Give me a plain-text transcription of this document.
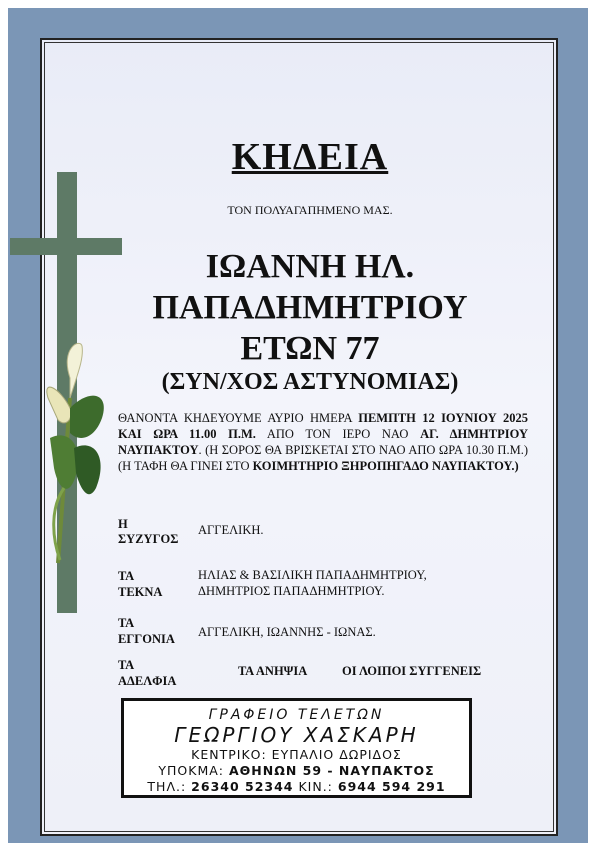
ΚΗΔΕΙΑ
ΤΟΝ ΠΟΛΥΑΓΑΠΗΜΕΝΟ ΜΑΣ.
ΙΩΑΝΝΗ ΗΛ.
ΠΑΠΑΔΗΜΗΤΡΙΟΥ
ΕΤΩΝ 77
(ΣΥΝ/ΧΟΣ ΑΣΤΥΝΟΜΙΑΣ)
ΘΑΝΟΝΤΑ ΚΗΔΕΥΟΥΜΕ ΑΥΡΙΟ ΗΜΕΡΑ ΠΕΜΠΤΗ 12 ΙΟΥΝΙΟΥ 2025 ΚΑΙ ΩΡΑ 11.00 Π.Μ. ΑΠΟ ΤΟΝ ΙΕΡΟ ΝΑΟ ΑΓ. ΔΗΜΗΤΡΙΟΥ ΝΑΥΠΑΚΤΟΥ. (Η ΣΟΡΟΣ ΘΑ ΒΡΙΣΚΕΤΑΙ ΣΤΟ ΝΑΟ ΑΠΟ ΩΡΑ 10.30 Π.Μ.) (Η ΤΑΦΗ ΘΑ ΓΙΝΕΙ ΣΤΟ ΚΟΙΜΗΤΗΡΙΟ ΞΗΡΟΠΗΓΑΔΟ ΝΑΥΠΑΚΤΟΥ.)
Η
ΣΥΖΥΓΟΣ
ΑΓΓΕΛΙΚΗ.
ΤΑ
ΤΕΚΝΑ
ΗΛΙΑΣ & ΒΑΣΙΛΙΚΗ ΠΑΠΑΔΗΜΗΤΡΙΟΥ,
ΔΗΜΗΤΡΙΟΣ ΠΑΠΑΔΗΜΗΤΡΙΟΥ.
ΤΑ
ΕΓΓΟΝΙΑ ΑΓΓΕΛΙΚΗ, ΙΩΑΝΝΗΣ - ΙΩΝΑΣ.
ΤΑ
ΑΔΕΛΦΙΑ
ΤΑ ΑΝΗΨΙΑ	ΟΙ ΛΟΙΠΟΙ ΣΥΓΓΕΝΕΙΣ
ΓΡΑΦΕΙΟ ΤΕΛΕΤΩΝ
ΓΕΩΡΓΙΟΥ ΧΑΣΚΑΡΗ
ΚΕΝΤΡΙΚΟ: ΕΥΠΑΛΙΟ ΔΩΡΙΔΟΣ
ΥΠΟΚΜΑ: ΑΘΗΝΩΝ 59 - ΝΑΥΠΑΚΤΟΣ
ΤΗΛ.: 26340 52344 ΚΙΝ.: 6944 594 291
